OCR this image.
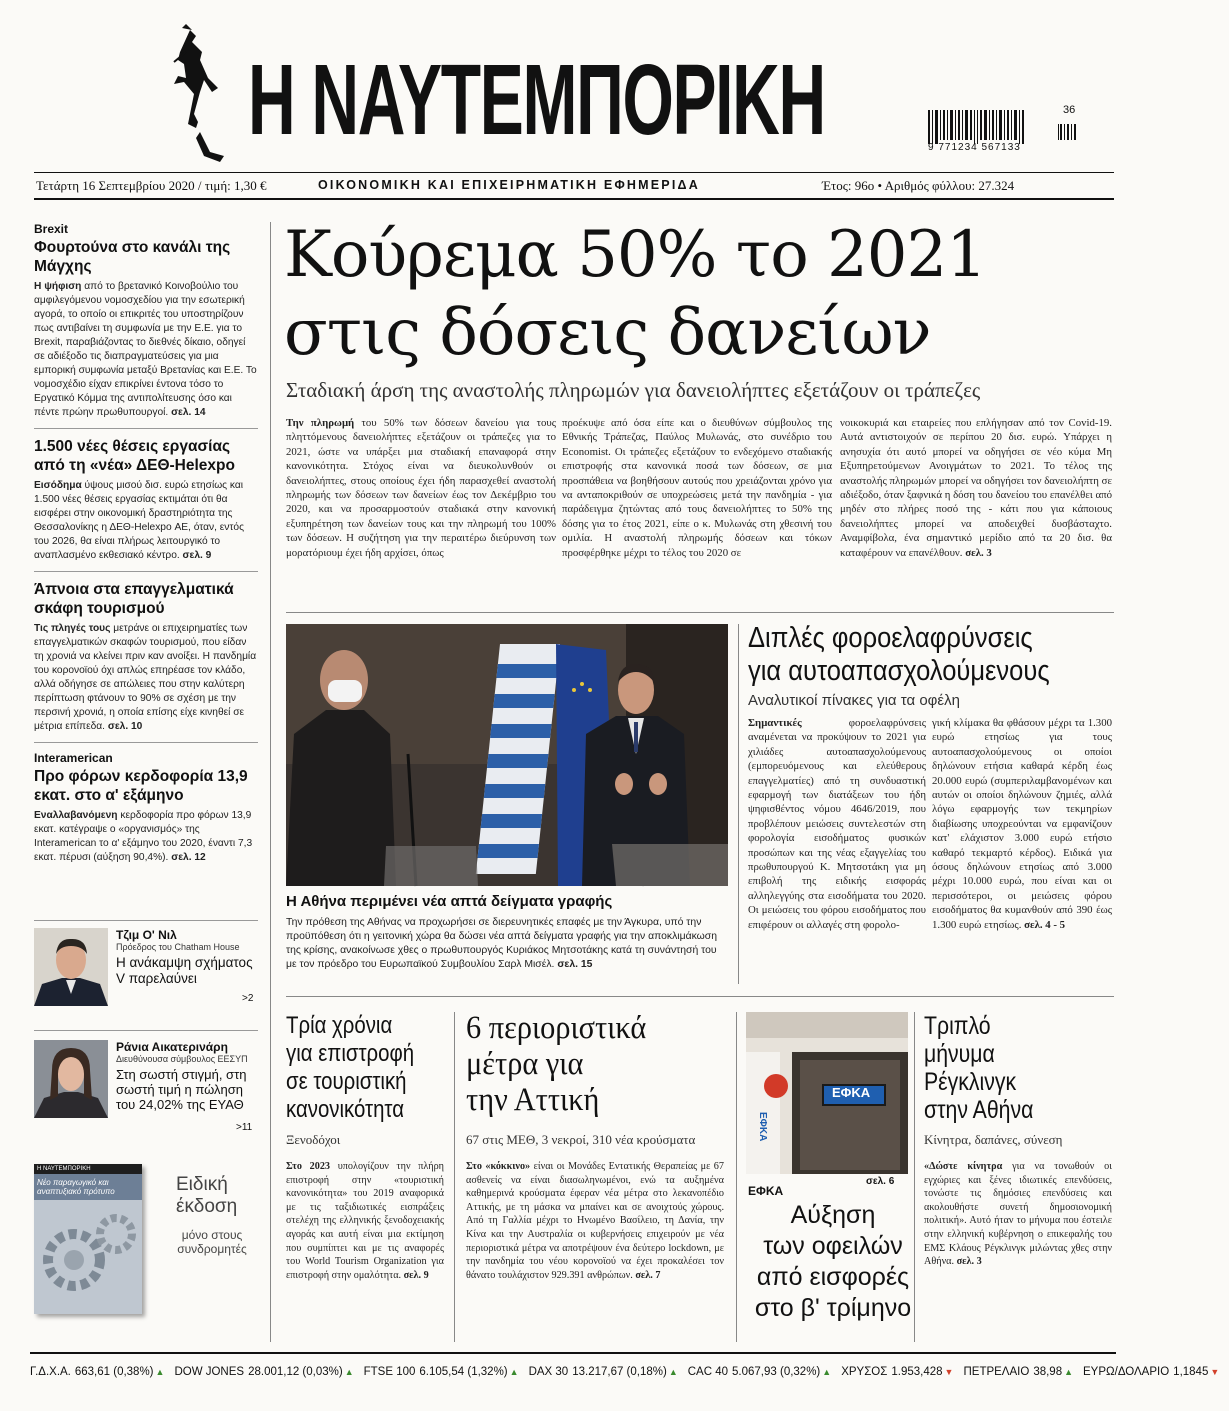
Η ΝΑΥΤΕΜΠΟΡΙΚΗ	36
9 771234 567133
Τετάρτη 16 Σεπτεμβρίου 2020 / τιμή: 1,30 €	ΟΙΚΟΝΟΜΙΚΗ ΚΑΙ ΕΠΙΧΕΙΡΗΜΑΤΙΚΗ ΕΦΗΜΕΡΙΔΑ	Έτος: 96ο • Αριθμός φύλλου: 27.324
Brexit
Φουρτούνα στο κανάλι της Μάγχης
Η ψήφιση από το βρετανικό Κοινοβούλιο του αμφιλεγόμενου νομοσχεδίου για την εσωτερική αγορά, το οποίο οι επικριτές του υποστηρίζουν πως αντιβαίνει τη συμφωνία με την Ε.Ε. για το Brexit, παραβιάζοντας το διεθνές δίκαιο, οδηγεί σε αδιέξοδο τις διαπραγματεύσεις για μια εμπορική συμφωνία μεταξύ Βρετανίας και Ε.Ε. Το νομοσχέδιο είχαν επικρίνει έντονα τόσο το Εργατικό Κόμμα της αντιπολίτευσης όσο και πέντε πρώην πρωθυπουργοί. σελ. 14
1.500 νέες θέσεις εργασίας από τη «νέα» ΔΕΘ-Helexpo
Εισόδημα ύψους μισού δισ. ευρώ ετησίως και 1.500 νέες θέσεις εργασίας εκτιμάται ότι θα εισφέρει στην οικονομική δραστηριότητα της Θεσσαλονίκης η ΔΕΘ-Helexpo ΑΕ, όταν, εντός του 2026, θα είναι πλήρως λειτουργικό το αναπλασμένο εκθεσιακό κέντρο. σελ. 9
Άπνοια στα επαγγελματικά σκάφη τουρισμού
Τις πληγές τους μετράνε οι επιχειρηματίες των επαγγελματικών σκαφών τουρισμού, που είδαν τη χρονιά να κλείνει πριν καν ανοίξει. Η πανδημία του κορονοϊού όχι απλώς επηρέασε τον κλάδο, αλλά οδήγησε σε απώλειες που στην καλύτερη περίπτωση φτάνουν το 90% σε σχέση με την περσινή χρονιά, η οποία επίσης είχε κινηθεί σε μέτρια επίπεδα. σελ. 10
Interamerican
Προ φόρων κερδοφορία 13,9 εκατ. στο α' εξάμηνο
Εναλλαβανόμενη κερδοφορία προ φόρων 13,9 εκατ. κατέγραψε ο «οργανισμός» της Interamerican το α' εξάμηνο του 2020, έναντι 7,3 εκατ. πέρυσι (αύξηση 90,4%). σελ. 12
Τζιμ Ο' Νιλ
Πρόεδρος του Chatham House
Η ανάκαμψη σχήματος V παρελαύνει
>2
Ράνια Αικατερινάρη
Διευθύνουσα σύμβουλος ΕΕΣΥΠ
Στη σωστή στιγμή, στη σωστή τιμή η πώληση του 24,02% της ΕΥΑΘ
>11
Η ΝΑΥΤΕΜΠΟΡΙΚΗ
Νέο παραγωγικό και αναπτυξιακό πρότυπο	Ειδική έκδοση
μόνο στους συνδρομητές
Κούρεμα 50% το 2021
στις δόσεις δανείων
Σταδιακή άρση της αναστολής πληρωμών για δανειολήπτες εξετάζουν οι τράπεζες
Την πληρωμή του 50% των δόσεων δανείου για τους πληττόμενους δανειολήπτες εξετάζουν οι τράπεζες για το 2021, ώστε να υπάρξει μια σταδιακή επαναφορά στην κανονικότητα. Στόχος είναι να διευκολυνθούν οι δανειολήπτες, στους οποίους έχει ήδη παρασχεθεί αναστολή πληρωμής των δόσεων των δανείων έως τον Δεκέμβριο του 2020, και να προσαρμοστούν σταδιακά στην κανονική εξυπηρέτηση των δανείων τους και την πληρωμή του 100% των δόσεων. Η συζήτηση για την περαιτέρω διεύρυνση των μορατόριουμ έχει ήδη αρχίσει, όπως
προέκυψε από όσα είπε και ο διευθύνων σύμβουλος της Εθνικής Τράπεζας, Παύλος Μυλωνάς, στο συνέδριο του Economist. Οι τράπεζες εξετάζουν το ενδεχόμενο σταδιακής επιστροφής στα κανονικά ποσά των δόσεων, σε μια προσπάθεια να βοηθήσουν αυτούς που χρειάζονται χρόνο για να ανταποκριθούν σε υποχρεώσεις μετά την πανδημία - για παράδειγμα ζητώντας από τους δανειολήπτες το 50% της δόσης για το έτος 2021, είπε ο κ. Μυλωνάς στη χθεσινή του ομιλία. Η αναστολή πληρωμής δόσεων και τόκων προσφέρθηκε μέχρι το τέλος του 2020 σε
νοικοκυριά και εταιρείες που επλήγησαν από τον Covid-19. Αυτά αντιστοιχούν σε περίπου 20 δισ. ευρώ. Υπάρχει η ανησυχία ότι αυτό μπορεί να οδηγήσει σε νέο κύμα Μη Εξυπηρετούμενων Ανοιγμάτων το 2021. Το τέλος της αναστολής πληρωμών μπορεί να οδηγήσει τον δανειολήπτη σε αδιέξοδο, όταν ξαφνικά η δόση του δανείου του επανέλθει από μηδέν στο πλήρες ποσό της - κάτι που για κάποιους δανειολήπτες μπορεί να αποδειχθεί δυσβάσταχτο. Αναμφίβολα, ένα σημαντικό μερίδιο από τα 20 δισ. θα καταφέρουν να επανέλθουν. σελ. 3
Η Αθήνα περιμένει νέα απτά δείγματα γραφής
Την πρόθεση της Αθήνας να προχωρήσει σε διερευνητικές επαφές με την Άγκυρα, υπό την προϋπόθεση ότι η γειτονική χώρα θα δώσει νέα απτά δείγματα γραφής για την αποκλιμάκωση της κρίσης, ανακοίνωσε χθες ο πρωθυπουργός Κυριάκος Μητσοτάκης κατά τη συνάντησή του με τον πρόεδρο του Ευρωπαϊκού Συμβουλίου Σαρλ Μισέλ. σελ. 15
Διπλές φοροελαφρύνσεις
για αυτοαπασχολούμενους
Αναλυτικοί πίνακες για τα οφέλη
Σημαντικές φοροελαφρύνσεις αναμένεται να προκύψουν το 2021 για χιλιάδες αυτοαπασχολούμενους (εμπορευόμενους και ελεύθερους επαγγελματίες) από τη συνδυαστική εφαρμογή των διατάξεων του ήδη ψηφισθέντος νόμου 4646/2019, που προβλέπουν μειώσεις συντελεστών στη φορολογία εισοδήματος φυσικών προσώπων και της νέας εξαγγελίας του πρωθυπουργού Κ. Μητσοτάκη για μη επιβολή της ειδικής εισφοράς αλληλεγγύης στα εισοδήματα του 2020. Οι μειώσεις του φόρου εισοδήματος που επιφέρουν οι αλλαγές στη φορολο-
γική κλίμακα θα φθάσουν μέχρι τα 1.300 ευρώ ετησίως για τους αυτοαπασχολούμενους οι οποίοι δηλώνουν ετήσια καθαρά κέρδη έως 20.000 ευρώ (συμπεριλαμβανομένων και αυτών οι οποίοι δηλώνουν ζημιές, αλλά λόγω εφαρμογής των τεκμηρίων διαβίωσης υποχρεούνται να εμφανίζουν κατ' ελάχιστον 3.000 ευρώ ετήσιο καθαρό τεκμαρτό κέρδος). Ειδικά για όσους δηλώνουν ετησίως από 3.000 μέχρι 10.000 ευρώ, που είναι και οι περισσότεροι, οι μειώσεις φόρου εισοδήματος θα κυμανθούν από 390 έως 1.300 ευρώ ετησίως. σελ. 4 - 5
Τρία χρόνια
για επιστροφή
σε τουριστική
κανονικότητα
Ξενοδόχοι
Στο 2023 υπολογίζουν την πλήρη επιστροφή στην «τουριστική κανονικότητα» του 2019 αναφορικά με τις ταξιδιωτικές εισπράξεις στελέχη της ελληνικής ξενοδοχειακής αγοράς και αυτή είναι μια εκτίμηση που συμπίπτει και με τις αναφορές του World Tourism Organization για επιστροφή στην ομαλότητα. σελ. 9
6 περιοριστικά
μέτρα για
την Αττική
67 στις ΜΕΘ, 3 νεκροί, 310 νέα κρούσματα
Στο «κόκκινο» είναι οι Μονάδες Εντατικής Θεραπείας με 67 ασθενείς να είναι διασωληνωμένοι, ενώ τα αυξημένα καθημερινά κρούσματα έφεραν νέα μέτρα στο λεκανοπέδιο Αττικής, με τη μάσκα να μπαίνει και σε ανοιχτούς χώρους. Από τη Γαλλία μέχρι το Ηνωμένο Βασίλειο, τη Δανία, την Κίνα και την Αυστραλία οι κυβερνήσεις επιχειρούν με νέα περιοριστικά μέτρα να αποτρέψουν ένα δεύτερο lockdown, με την πανδημία του νέου κορονοϊού να έχει προκαλέσει τον θάνατο τουλάχιστον 929.391 ανθρώπων. σελ. 7
ΕΦΚΑ
ΕΦΚΑ
σελ. 6
ΕΦΚΑ
Αύξηση
των οφειλών
από εισφορές
στο β' τρίμηνο
Τριπλό
μήνυμα
Ρέγκλινγκ
στην Αθήνα
Κίνητρα, δαπάνες, σύνεση
«Δώστε κίνητρα για να τονωθούν οι εγχώριες και ξένες ιδιωτικές επενδύσεις, τονώστε τις δημόσιες επενδύσεις και ακολουθήστε συνετή δημοσιονομική πολιτική». Αυτό ήταν το μήνυμα που έστειλε στην ελληνική κυβέρνηση ο επικεφαλής του ΕΜΣ Κλάους Ρέγκλινγκ μιλώντας χθες στην Αθήνα. σελ. 3
Γ.Δ.Χ.Α. 663,61 (0,38%) ▲ DOW JONES 28.001,12 (0,03%) ▲ FTSE 100 6.105,54 (1,32%) ▲ DAX 30 13.217,67 (0,18%) ▲ CAC 40 5.067,93 (0,32%) ▲ ΧΡΥΣΟΣ 1.953,428 ▼ ΠΕΤΡΕΛΑΙΟ 38,98 ▲ ΕΥΡΩ/ΔΟΛΑΡΙΟ 1,1845 ▼
